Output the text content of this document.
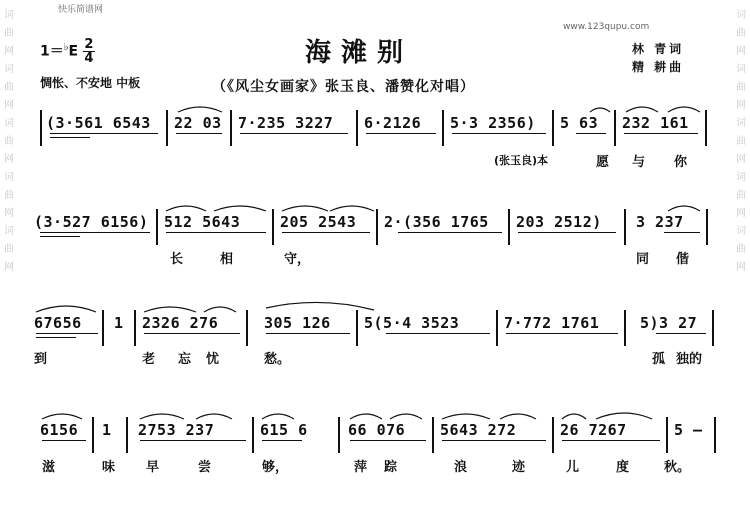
词
曲
网
词
曲
网
词
曲
网
词
曲
网
词
曲
网
词
曲
网
词
曲
网
词
曲
网
词
曲
网
词
曲
网
快乐简谱网
www.123qupu.com
$1=^♭E \frac{2}{4}$	海滩别	林 青词
精 耕曲
惆怅、不安地 中板	（《风尘女画家》张玉良、潘赞化对唱）
(3·561 6543 22 03 7·235 3227 6·2126 5·3 2356) 5 63 232 161
(张玉良)本	愿 与 你
(3·527 6156) 512 5643	205 2543 2·(356 1765 203 2512) 3 237
长	相	守，	同 偕
67656 1 2326 276	305 126 5(5·4 3523	7·772 1761	5)3 27
到	老 忘 忧	愁。	孤 独的
6156 1 2753 237	615 6	66 076 5643 272	26 7267	5 –
滋	味 早	尝	够，	萍 踪	浪	迹	儿	度	秋。
